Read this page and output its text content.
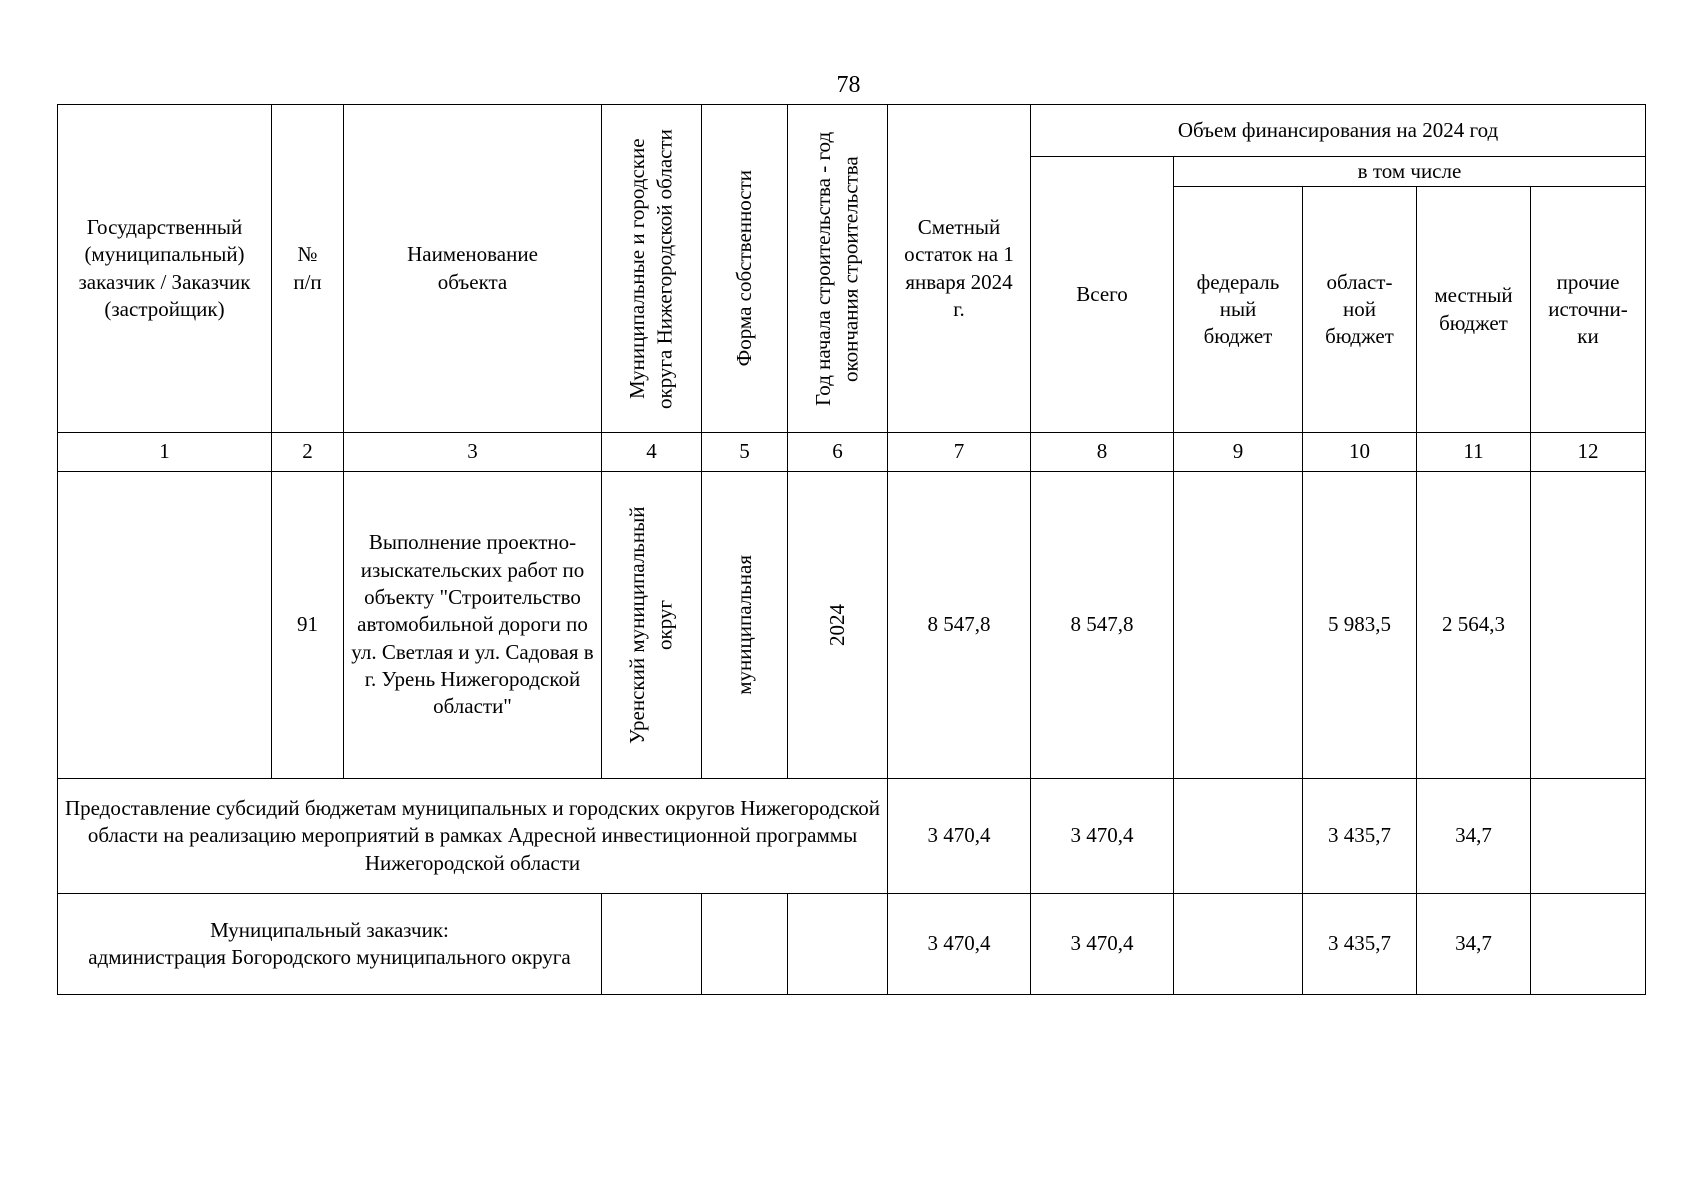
78
Государственный (муниципальный) заказчик / Заказчик (застройщик)	№ п/п	Наименование объекта	Муниципальные и городские округа Нижегородской области	Форма собственности	Год начала строительства - год окончания строительства	Сметный остаток на 1 января 2024 г.	Объем финансирования на 2024 год				
							Всего	в том числе			
								федераль ный бюджет	област-ной бюджет	местный бюджет	прочие источни-ки
1	2	3	4	5	6	7	8	9	10	11	12
	91	Выполнение проектно-изыскательских работ по объекту "Строительство автомобильной дороги по ул. Светлая и ул. Садовая в г. Урень Нижегородской области"	Уренский муниципальный округ	муниципальная	2024	8 547,8	8 547,8		5 983,5	2 564,3	
Предоставление субсидий бюджетам муниципальных и городских округов Нижегородской области на реализацию мероприятий в рамках Адресной инвестиционной программы Нижегородской области						3 470,4	3 470,4		3 435,7	34,7	

Муниципальный заказчик:
администрация Богородского муниципального округа						3 470,4	3 470,4		3 435,7	34,7	
